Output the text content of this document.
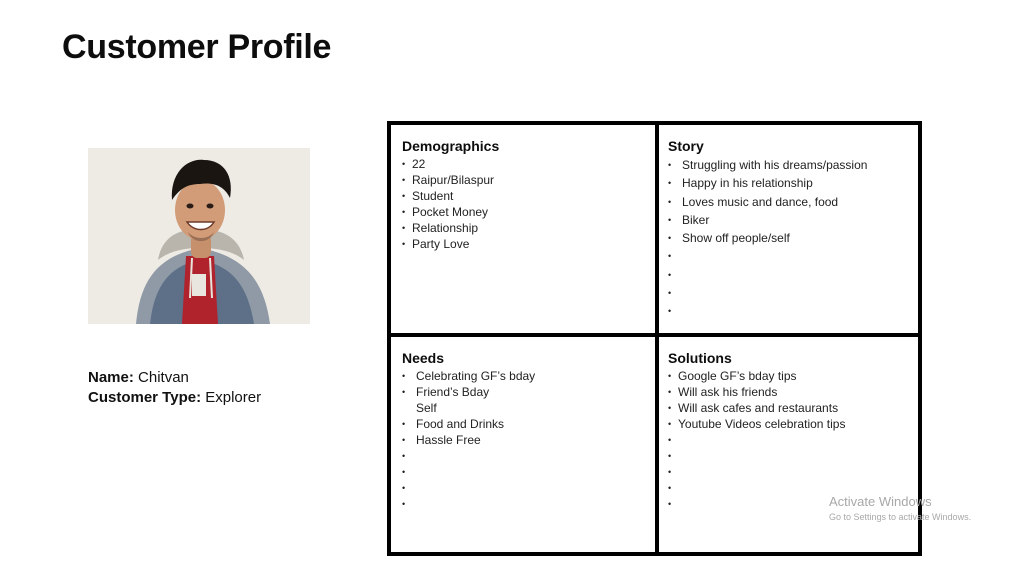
Customer Profile
Name: Chitvan
Customer Type: Explorer
Demographics
• 22
• Raipur/Bilaspur
• Student
• Pocket Money
• Relationship
• Party Love
Story
• Struggling with his dreams/passion
• Happy in his relationship
• Loves music and dance, food
• Biker
• Show off people/self
•
•
•
•
Needs
• Celebrating GF’s bday
• Friend’s Bday
Self
• Food and Drinks
• Hassle Free
•
•
•
•
Solutions
• Google GF’s bday tips
• Will ask his friends
• Will ask cafes and restaurants
• Youtube Videos celebration tips
•
•
•
•
•	Activate Windows
Go to Settings to activate Windows.
